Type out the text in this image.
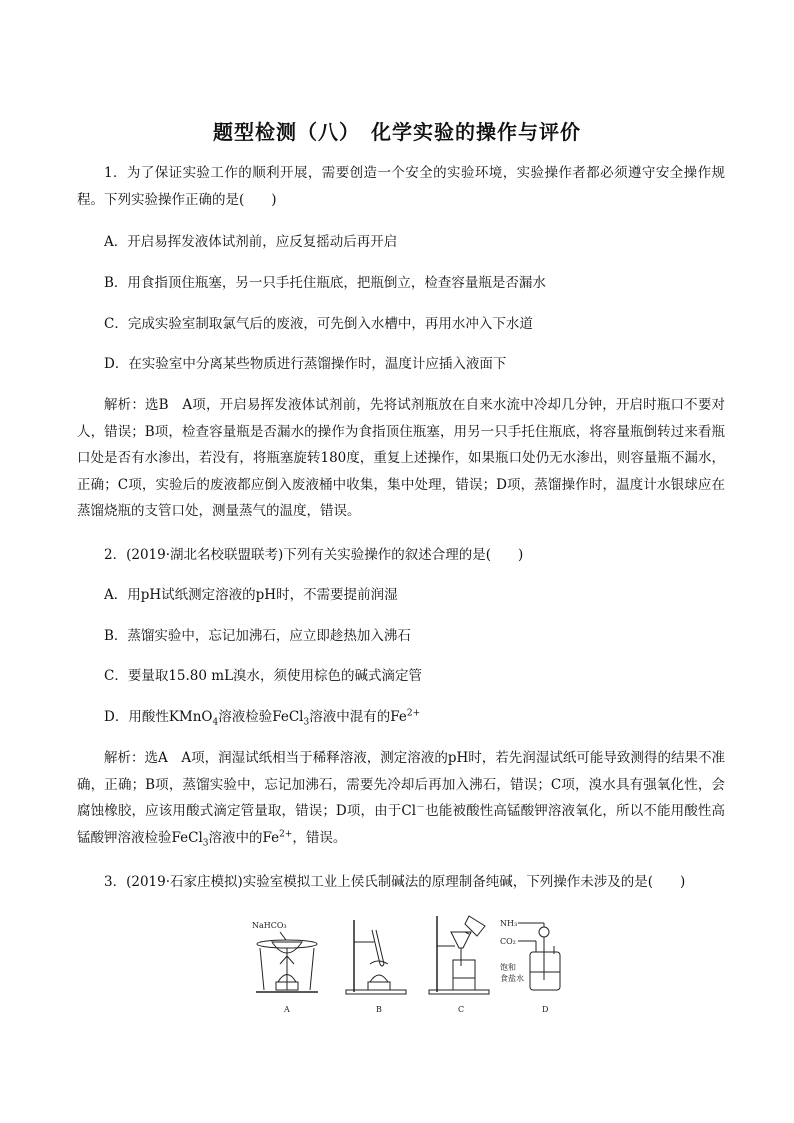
题型检测（八）　化学实验的操作与评价
1．为了保证实验工作的顺利开展，需要创造一个安全的实验环境，实验操作者都必须遵守安全操作规程。下列实验操作正确的是(　　)
A．开启易挥发液体试剂前，应反复摇动后再开启
B．用食指顶住瓶塞，另一只手托住瓶底，把瓶倒立，检查容量瓶是否漏水
C．完成实验室制取氯气后的废液，可先倒入水槽中，再用水冲入下水道
D．在实验室中分离某些物质进行蒸馏操作时，温度计应插入液面下
解析：选B　A项，开启易挥发液体试剂前，先将试剂瓶放在自来水流中冷却几分钟，开启时瓶口不要对人，错误；B项，检查容量瓶是否漏水的操作为食指顶住瓶塞，用另一只手托住瓶底，将容量瓶倒转过来看瓶口处是否有水渗出，若没有，将瓶塞旋转180度，重复上述操作，如果瓶口处仍无水渗出，则容量瓶不漏水，正确；C项，实验后的废液都应倒入废液桶中收集，集中处理，错误；D项，蒸馏操作时，温度计水银球应在蒸馏烧瓶的支管口处，测量蒸气的温度，错误。
2．(2019·湖北名校联盟联考)下列有关实验操作的叙述合理的是(　　)
A．用pH试纸测定溶液的pH时，不需要提前润湿
B．蒸馏实验中，忘记加沸石，应立即趁热加入沸石
C．要量取15.80 mL溴水，须使用棕色的碱式滴定管
D．用酸性KMnO$_4$溶液检验FeCl$_3$溶液中混有的$Fe^{2+}$
解析：选A　A项，润湿试纸相当于稀释溶液，测定溶液的pH时，若先润湿试纸可能导致测得的结果不准确，正确；B项，蒸馏实验中，忘记加沸石，需要先冷却后再加入沸石，错误；C项，溴水具有强氧化性，会腐蚀橡胶，应该用酸式滴定管量取，错误；D项，由于Cl－也能被酸性高锰酸钾溶液氧化，所以不能用酸性高锰酸钾溶液检验FeCl$_3$溶液中的$Fe^{2+}$，错误。
3．(2019·石家庄模拟)实验室模拟工业上侯氏制碱法的原理制备纯碱，下列操作未涉及的是(　　)
NaHCO₃
A	B	C
NH₃
CO₂
饱和
食盐水
D
